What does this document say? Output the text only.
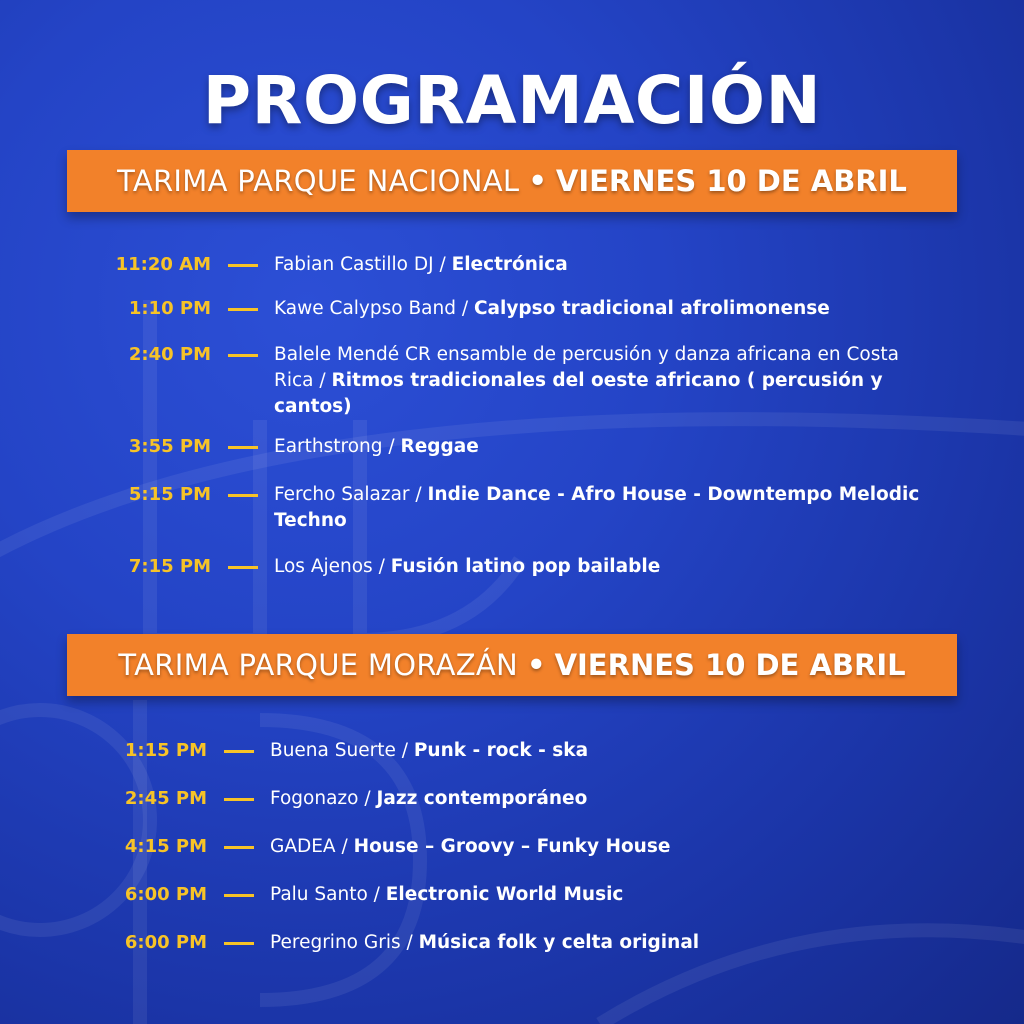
PROGRAMACIÓN
TARIMA PARQUE NACIONAL • VIERNES 10 DE ABRIL
11:20 AM	Fabian Castillo DJ / Electrónica
1:10 PM	Kawe Calypso Band / Calypso tradicional afrolimonense
2:40 PM	Balele Mendé CR ensamble de percusión y danza africana en Costa Rica / Ritmos tradicionales del oeste africano ( percusión y cantos)
3:55 PM	Earthstrong / Reggae
5:15 PM	Fercho Salazar / Indie Dance - Afro House - Downtempo Melodic Techno
7:15 PM	Los Ajenos / Fusión latino pop bailable
TARIMA PARQUE MORAZÁN • VIERNES 10 DE ABRIL
1:15 PM	Buena Suerte / Punk - rock - ska
2:45 PM	Fogonazo / Jazz contemporáneo
4:15 PM	GADEA / House – Groovy – Funky House
6:00 PM	Palu Santo / Electronic World Music
6:00 PM	Peregrino Gris / Música folk y celta original
